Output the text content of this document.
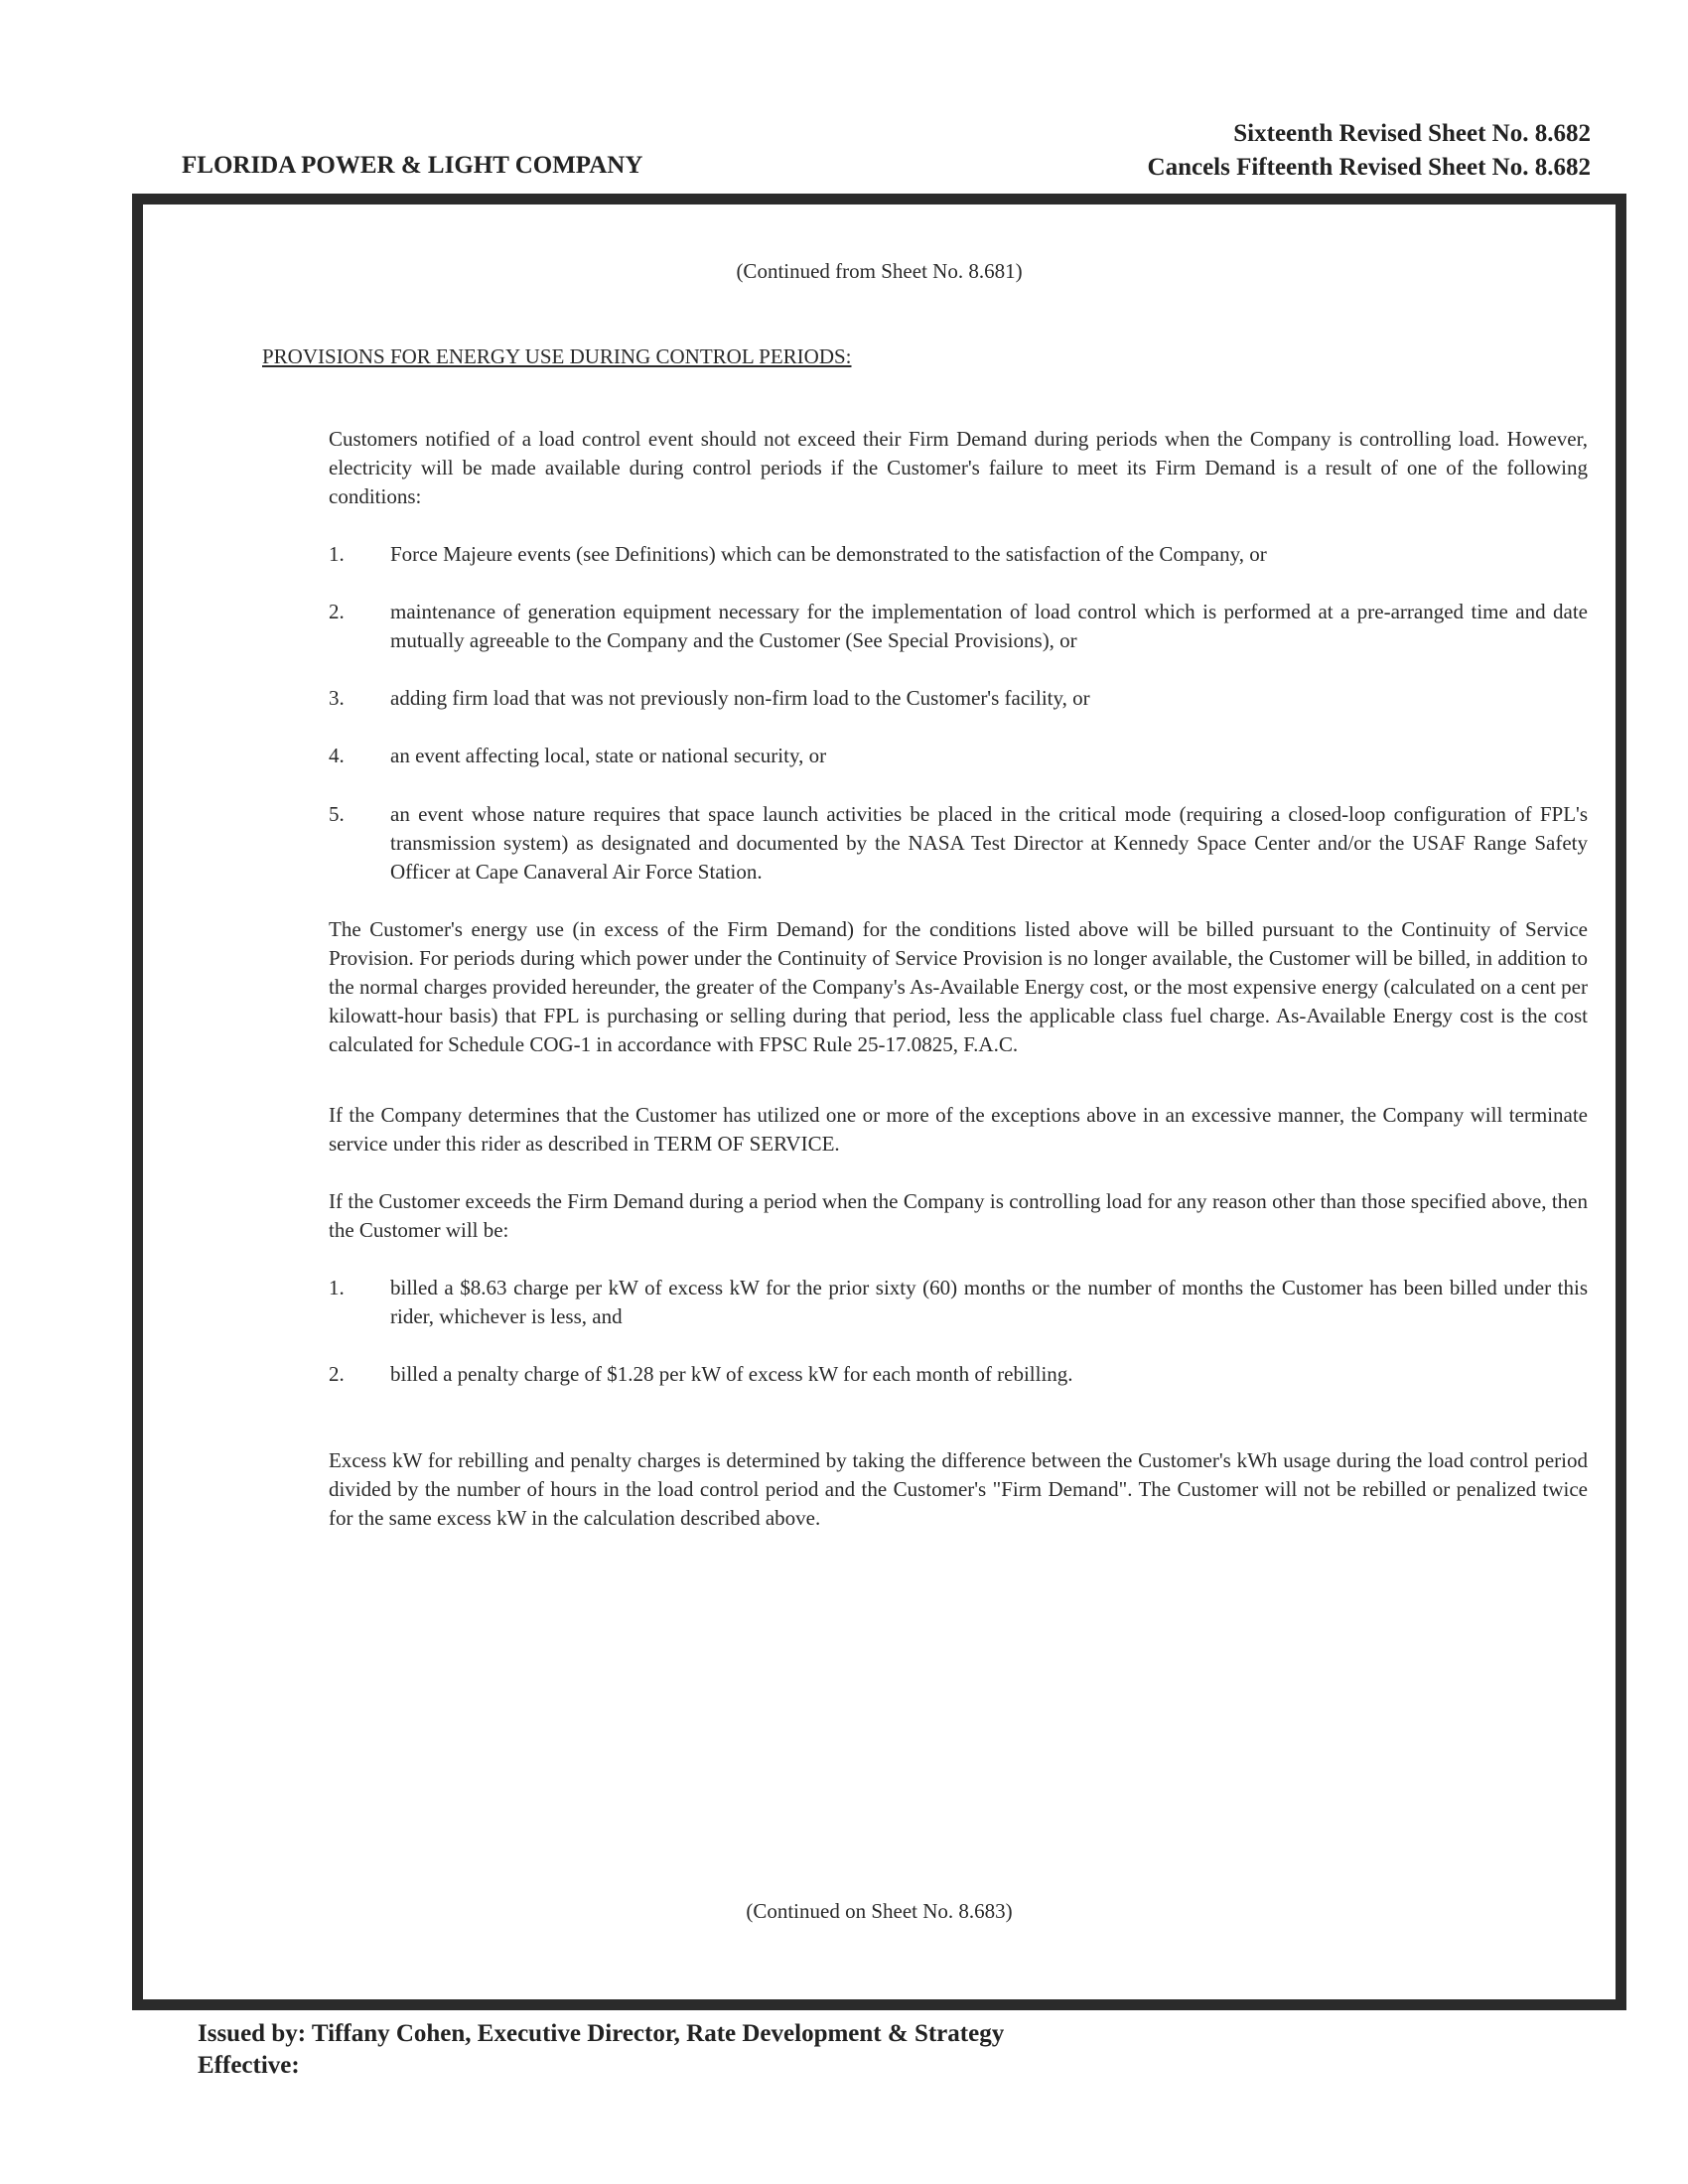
Sixteenth Revised Sheet No. 8.682
Cancels Fifteenth Revised Sheet No. 8.682
FLORIDA POWER & LIGHT COMPANY
(Continued from Sheet No. 8.681)
PROVISIONS FOR ENERGY USE DURING CONTROL PERIODS:

Customers notified of a load control event should not exceed their Firm Demand during periods when the Company is controlling load. However, electricity will be made available during control periods if the Customer's failure to meet its Firm Demand is a result of one of the following conditions:

1. Force Majeure events (see Definitions) which can be demonstrated to the satisfaction of the Company, or
2. maintenance of generation equipment necessary for the implementation of load control which is performed at a pre-arranged time and date mutually agreeable to the Company and the Customer (See Special Provisions), or
3. adding firm load that was not previously non-firm load to the Customer's facility, or
4. an event affecting local, state or national security, or
5. an event whose nature requires that space launch activities be placed in the critical mode (requiring a closed-loop configuration of FPL's transmission system) as designated and documented by the NASA Test Director at Kennedy Space Center and/or the USAF Range Safety Officer at Cape Canaveral Air Force Station.

The Customer's energy use (in excess of the Firm Demand) for the conditions listed above will be billed pursuant to the Continuity of Service Provision. For periods during which power under the Continuity of Service Provision is no longer available, the Customer will be billed, in addition to the normal charges provided hereunder, the greater of the Company's As-Available Energy cost, or the most expensive energy (calculated on a cent per kilowatt-hour basis) that FPL is purchasing or selling during that period, less the applicable class fuel charge. As-Available Energy cost is the cost calculated for Schedule COG-1 in accordance with FPSC Rule 25-17.0825, F.A.C.

If the Company determines that the Customer has utilized one or more of the exceptions above in an excessive manner, the Company will terminate service under this rider as described in TERM OF SERVICE.

If the Customer exceeds the Firm Demand during a period when the Company is controlling load for any reason other than those specified above, then the Customer will be:

1. billed a $8.63 charge per kW of excess kW for the prior sixty (60) months or the number of months the Customer has been billed under this rider, whichever is less, and
2. billed a penalty charge of $1.28 per kW of excess kW for each month of rebilling.

Excess kW for rebilling and penalty charges is determined by taking the difference between the Customer's kWh usage during the load control period divided by the number of hours in the load control period and the Customer's "Firm Demand". The Customer will not be rebilled or penalized twice for the same excess kW in the calculation described above.

(Continued on Sheet No. 8.683)
Issued by: Tiffany Cohen, Executive Director, Rate Development & Strategy
Effective:
